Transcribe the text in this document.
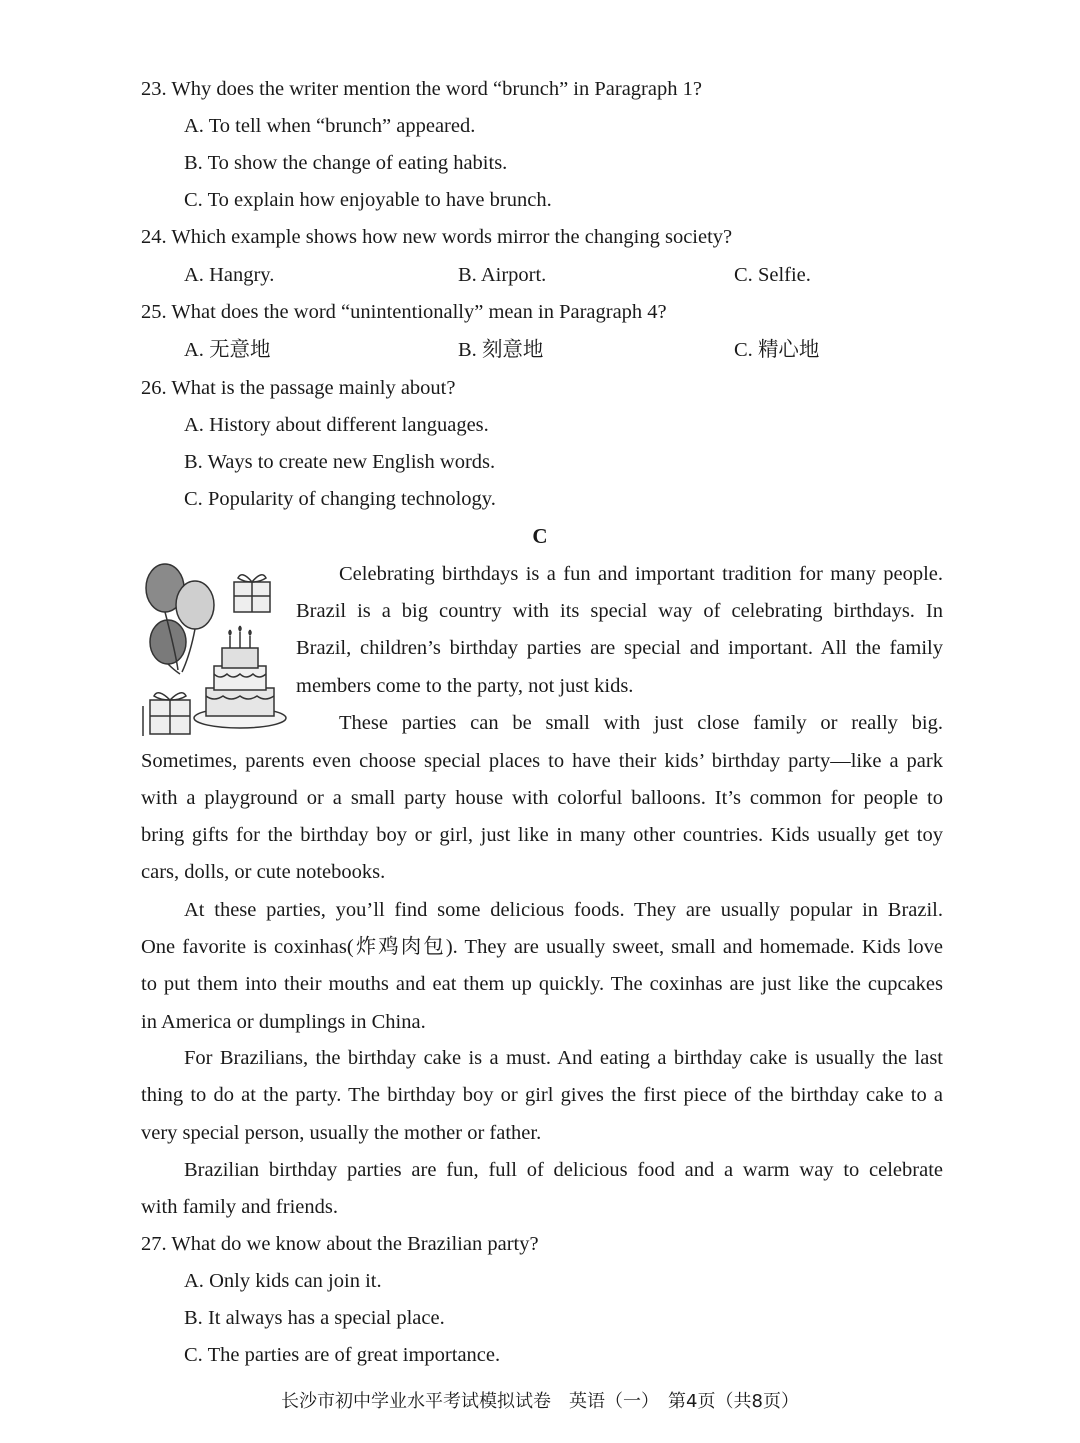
23. Why does the writer mention the word “brunch” in Paragraph 1?
A. To tell when “brunch” appeared.
B. To show the change of eating habits.
C. To explain how enjoyable to have brunch.
24. Which example shows how new words mirror the changing society?
A. Hangry.	B. Airport.	C. Selfie.
25. What does the word “unintentionally” mean in Paragraph 4?
A. 无意地	B. 刻意地	C. 精心地
26. What is the passage mainly about?
A. History about different languages.
B. Ways to create new English words.
C. Popularity of changing technology.
C
Celebrating birthdays is a fun and important tradition for many people.
Brazil is a big country with its special way of celebrating birthdays. In
Brazil, children’s birthday parties are special and important. All the family
members come to the party, not just kids.
These parties can be small with just close family or really big.
Sometimes, parents even choose special places to have their kids’ birthday party—like a park
with a playground or a small party house with colorful balloons. It’s common for people to
bring gifts for the birthday boy or girl, just like in many other countries. Kids usually get toy
cars, dolls, or cute notebooks.
At these parties, you’ll find some delicious foods. They are usually popular in Brazil.
One favorite is coxinhas(炸鸡肉包). They are usually sweet, small and homemade. Kids love
to put them into their mouths and eat them up quickly. The coxinhas are just like the cupcakes
in America or dumplings in China.
For Brazilians, the birthday cake is a must. And eating a birthday cake is usually the last
thing to do at the party. The birthday boy or girl gives the first piece of the birthday cake to a
very special person, usually the mother or father.
Brazilian birthday parties are fun, full of delicious food and a warm way to celebrate
with family and friends.
27. What do we know about the Brazilian party?
A. Only kids can join it.
B. It always has a special place.
C. The parties are of great importance.
长沙市初中学业水平考试模拟试卷　英语（一）　第4页（共8页）
